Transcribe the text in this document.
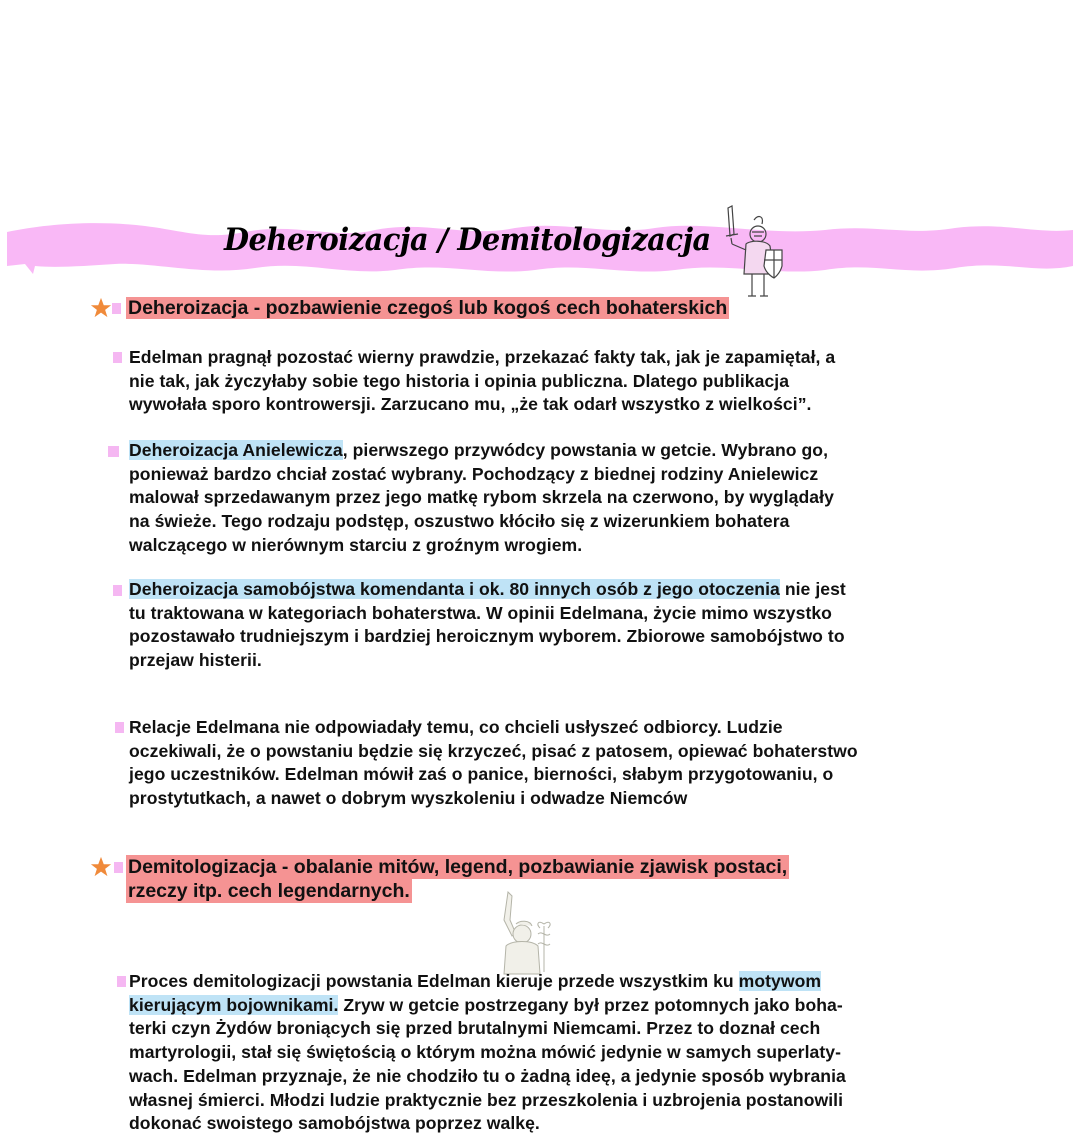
Deheroizacja / Demitologizacja
Deheroizacja - pozbawienie czegoś lub kogoś cech bohaterskich
Edelman pragnął pozostać wierny prawdzie, przekazać fakty tak, jak je zapamiętał, a
nie tak, jak życzyłaby sobie tego historia i opinia publiczna. Dlatego publikacja
wywołała sporo kontrowersji. Zarzucano mu, „że tak odarł wszystko z wielkości”.
Deheroizacja Anielewicza, pierwszego przywódcy powstania w getcie. Wybrano go,
ponieważ bardzo chciał zostać wybrany. Pochodzący z biednej rodziny Anielewicz
malował sprzedawanym przez jego matkę rybom skrzela na czerwono, by wyglądały
na świeże. Tego rodzaju podstęp, oszustwo kłóciło się z wizerunkiem bohatera
walczącego w nierównym starciu z groźnym wrogiem.
Deheroizacja samobójstwa komendanta i ok. 80 innych osób z jego otoczenia nie jest
tu traktowana w kategoriach bohaterstwa. W opinii Edelmana, życie mimo wszystko
pozostawało trudniejszym i bardziej heroicznym wyborem. Zbiorowe samobójstwo to
przejaw histerii.
Relacje Edelmana nie odpowiadały temu, co chcieli usłyszeć odbiorcy. Ludzie
oczekiwali, że o powstaniu będzie się krzyczeć, pisać z patosem, opiewać bohaterstwo
jego uczestników. Edelman mówił zaś o panice, bierności, słabym przygotowaniu, o
prostytutkach, a nawet o dobrym wyszkoleniu i odwadze Niemców
Demitologizacja - obalanie mitów, legend, pozbawianie zjawisk postaci,
rzeczy itp. cech legendarnych.
Proces demitologizacji powstania Edelman kieruje przede wszystkim ku motywom
kierującym bojownikami. Zryw w getcie postrzegany był przez potomnych jako boha-
terki czyn Żydów broniących się przed brutalnymi Niemcami. Przez to doznał cech
martyrologii, stał się świętością o którym można mówić jedynie w samych superlaty-
wach. Edelman przyznaje, że nie chodziło tu o żadną ideę, a jedynie sposób wybrania
własnej śmierci. Młodzi ludzie praktycznie bez przeszkolenia i uzbrojenia postanowili
dokonać swoistego samobójstwa poprzez walkę.
